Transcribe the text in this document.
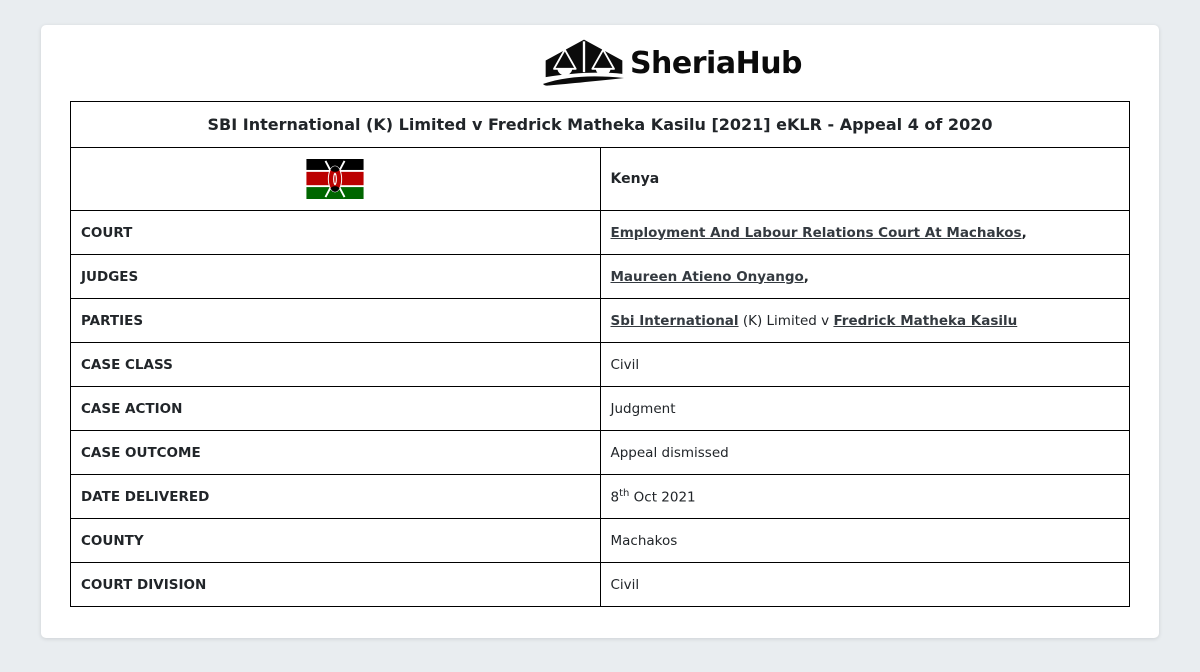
SheriaHub
SBI International (K) Limited v Fredrick Matheka Kasilu [2021] eKLR - Appeal 4 of 2020	
	Kenya
COURT	Employment And Labour Relations Court At Machakos,
JUDGES	Maureen Atieno Onyango,
PARTIES	Sbi International (K) Limited v Fredrick Matheka Kasilu
CASE CLASS	Civil
CASE ACTION	Judgment
CASE OUTCOME	Appeal dismissed
DATE DELIVERED	8th Oct 2021
COUNTY	Machakos
COURT DIVISION	Civil
